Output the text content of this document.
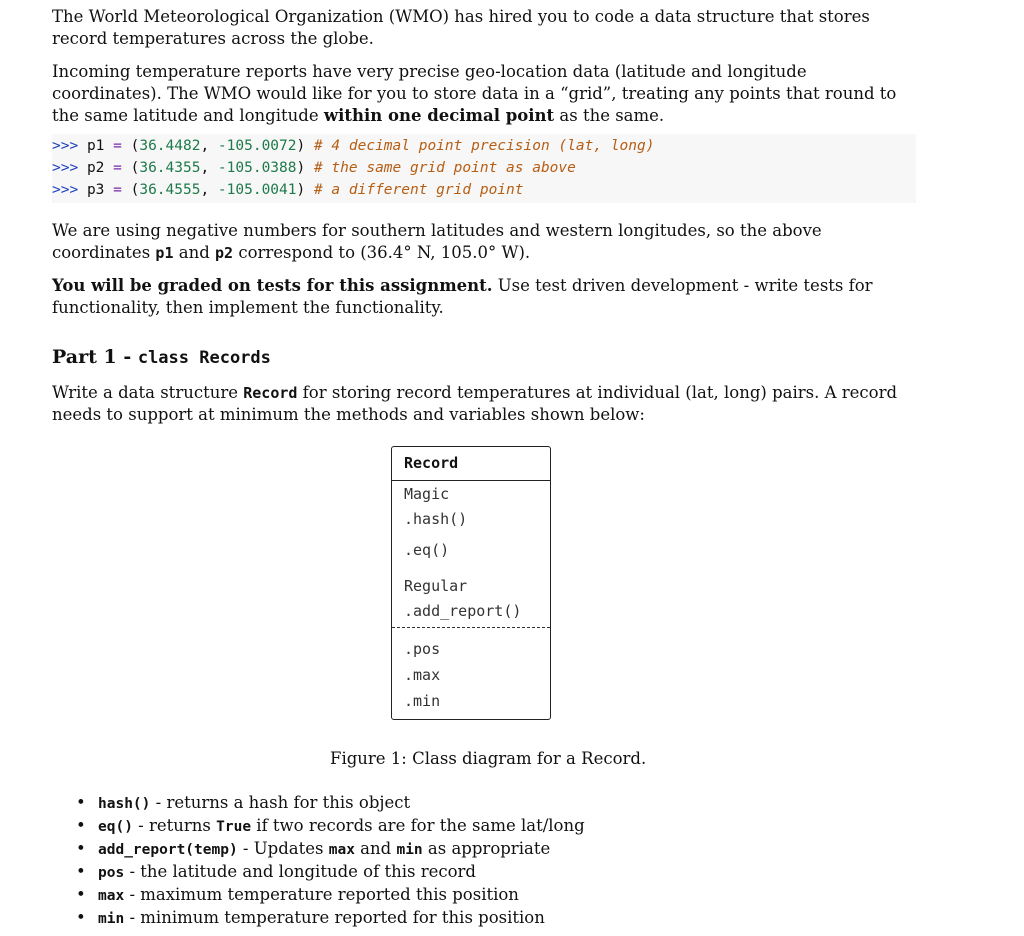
The World Meteorological Organization (WMO) has hired you to code a data structure that stores record temperatures across the globe.

Incoming temperature reports have very precise geo-location data (latitude and longitude coordinates). The WMO would like for you to store data in a “grid”, treating any points that round to the same latitude and longitude within one decimal point as the same.

>>> p1 = (36.4482, -105.0072) # 4 decimal point precision (lat, long)
>>> p2 = (36.4355, -105.0388) # the same grid point as above
>>> p3 = (36.4555, -105.0041) # a different grid point

We are using negative numbers for southern latitudes and western longitudes, so the above coordinates p1 and p2 correspond to (36.4° N, 105.0° W).

You will be graded on tests for this assignment. Use test driven development - write tests for functionality, then implement the functionality.

Part 1 - class Records

Write a data structure Record for storing record temperatures at individual (lat, long) pairs. A record needs to support at minimum the methods and variables shown below:

Record
Magic
.hash()
.eq()
Regular
.add_report()
.pos
.max
.min

Figure 1: Class diagram for a Record.

• hash() - returns a hash for this object
• eq() - returns True if two records are for the same lat/long
• add_report(temp) - Updates max and min as appropriate
• pos - the latitude and longitude of this record
• max - maximum temperature reported this position
• min - minimum temperature reported for this position
